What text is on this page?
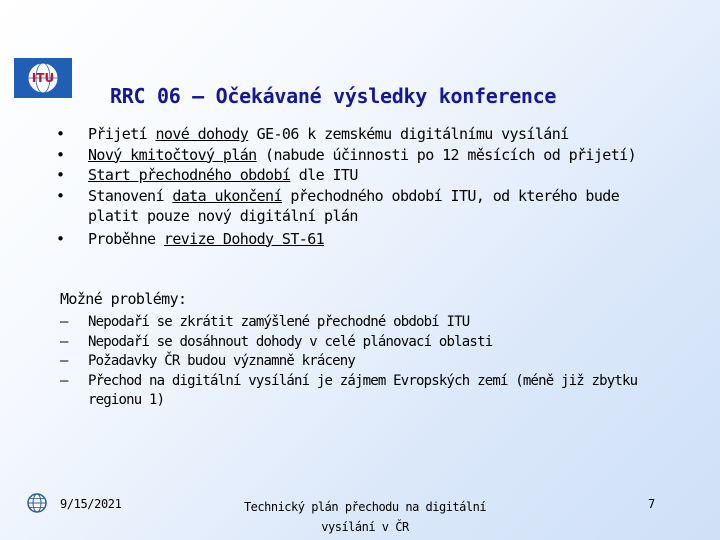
ITU
RRC 06 – Očekávané výsledky konference
• Přijetí nové dohody GE-06 k zemskému digitálnímu vysílání
• Nový kmitočtový plán (nabude účinnosti po 12 měsících od přijetí)
• Start přechodného období dle ITU
• Stanovení data ukončení přechodného období ITU, od kterého bude platit pouze nový digitální plán
• Proběhne revize Dohody ST-61
Možné problémy:
– Nepodaří se zkrátit zamýšlené přechodné období ITU
– Nepodaří se dosáhnout dohody v celé plánovací oblasti
– Požadavky ČR budou významně kráceny
– Přechod na digitální vysílání je zájmem Evropských zemí (méně již zbytku regionu 1)
9/15/2021	Technický plán přechodu na digitální vysílání v ČR
7
